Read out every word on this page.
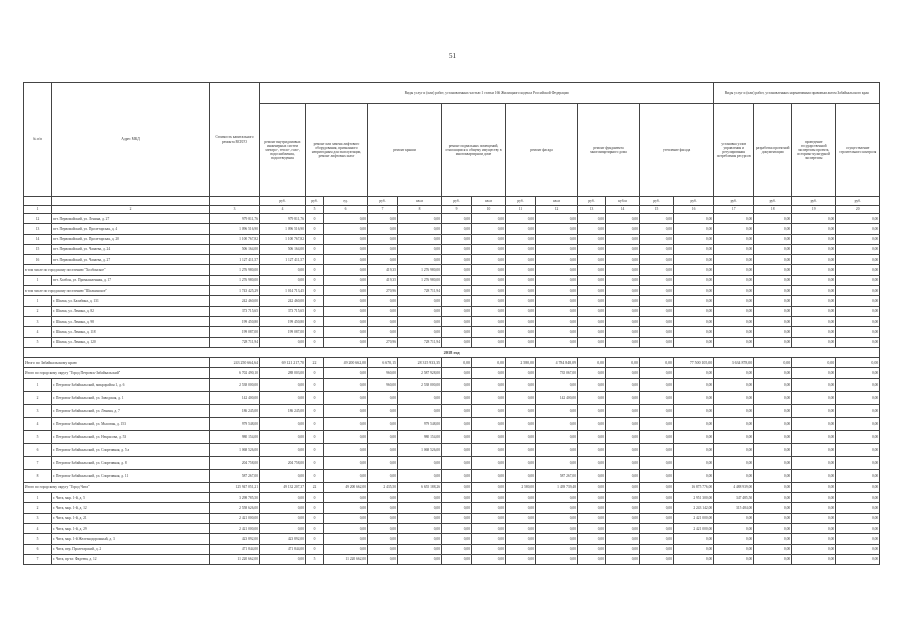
51
№ п/п	Адрес МКД	Стоимость капитального ремонта ВСЕГО	Виды услуг и (или) работ, установленных частью 1 статьи 166 Жилищного кодекса Российской Федерации													Виды услуг и (или) работ, установленных нормативным правовым актом Забайкальского края			
			ремонт внутридомовых инженерных систем электро-, тепло-, газо-, водоснабжения, водоотведения	ремонт или замена лифтового оборудования, признанного непригодным для эксплуатации, ремонт лифтовых шахт		ремонт крыши		ремонт подвальных помещений, относящихся к общему имуществу в многоквартирном доме		ремонт фасада		ремонт фундамента многоквартирного дома		утепление фасада		установка узлов управления и регулирования потребления ресурсов	разработка проектной документации	проведение государственной экспертизы проекта, историко-культурной экспертизы	осуществление строительного контроля
			руб.	руб.	ед.	руб.	кв.м	руб.	кв.м	руб.	кв.м	руб.	куб.м	руб.	руб.	руб.	руб.	руб.	руб.
1	2	3	4	5	6	7	8	9	10	11	12	13	14	15	16	17	18	19	20
12	пгт. Первомайский, ул. Ленина, д. 27	979 811,76	979 811,76	0	0,00	0,00	0,00	0,00	0,00	0,00	0,00	0,00	0,00	0,00	0,00	0,00	0,00	0,00	0,00
13	пгт. Первомайский, ул. Пролетарская, д. 4	1 096 516,90	1 096 516,90	0	0,00	0,00	0,00	0,00	0,00	0,00	0,00	0,00	0,00	0,00	0,00	0,00	0,00	0,00	0,00
14	пгт. Первомайский, ул. Пролетарская, д. 20	1 100 767,82	1 100 767,82	0	0,00	0,00	0,00	0,00	0,00	0,00	0,00	0,00	0,00	0,00	0,00	0,00	0,00	0,00	0,00
15	пгт. Первомайский, ул. Чапаева, д. 24	506 164,00	506 164,00	0	0,00	0,00	0,00	0,00	0,00	0,00	0,00	0,00	0,00	0,00	0,00	0,00	0,00	0,00	0,00
16	пгт. Первомайский, ул. Чапаева, д. 27	1 127 411,57	1 127 411,57	0	0,00	0,00	0,00	0,00	0,00	0,00	0,00	0,00	0,00	0,00	0,00	0,00	0,00	0,00	0,00
в том числе по городскому поселению "Холбонское"		1 276 980,00	0,00	0	0,00	419,35	1 276 980,00	0,00	0,00	0,00	0,00	0,00	0,00	0,00	0,00	0,00	0,00	0,00	0,00
1	пгт. Холбон, ул. Промышленная, д. 17	1 276 980,00	0,00	0	0,00	419,35	1 276 980,00	0,00	0,00	0,00	0,00	0,00	0,00	0,00	0,00	0,00	0,00	0,00	0,00
в том числе по городскому поселению "Шилкинское"		1 743 425,29	1 014 713,45	0	0,00	270,96	728 711,94	0,00	0,00	0,00	0,00	0,00	0,00	0,00	0,00	0,00	0,00	0,00	0,00
1	г. Шилка, ул. Балябина, д. 131	242 460,00	242 460,00	0	0,00	0,00	0,00	0,00	0,00	0,00	0,00	0,00	0,00	0,00	0,00	0,00	0,00	0,00	0,00
2	г. Шилка, ул. Ленина, д. 82	373 715,65	373 715,65	0	0,00	0,00	0,00	0,00	0,00	0,00	0,00	0,00	0,00	0,00	0,00	0,00	0,00	0,00	0,00
3	г. Шилка, ул. Ленина, д. 98	199 450,80	199 450,80	0	0,00	0,00	0,00	0,00	0,00	0,00	0,00	0,00	0,00	0,00	0,00	0,00	0,00	0,00	0,00
4	г. Шилка, ул. Ленина, д. 118	199 087,00	199 087,00	0	0,00	0,00	0,00	0,00	0,00	0,00	0,00	0,00	0,00	0,00	0,00	0,00	0,00	0,00	0,00
5	г. Шилка, ул. Ленина, д. 120	728 711,94	0,00	0	0,00	270,96	728 711,94	0,00	0,00	0,00	0,00	0,00	0,00	0,00	0,00	0,00	0,00	0,00	0,00
2018 год																			
Итого по Забайкальскому краю		243 250 664,64	69 121 217,70	22	49 200 662,00	6 670,15	28 315 933,35	0,00	0,00	2 580,00	4 784 848,09	0,00	0,00	0,00	77 500 105,00	3 634 878,00	0,00	0,00	0,00
Итого по городскому округу "Город Петровск-Забайкальский"		6 702 490,10	288 003,00	0	0,00	960,00	2 587 928,00	0,00	0,00	0,00	735 067,00	0,00	0,00	0,00	0,00	0,00	0,00	0,00	0,00
1	г. Петровск-Забайкальский, микрорайон 1, д. 6	2 538 000,00	0,00	0	0,00	960,00	2 538 000,00	0,00	0,00	0,00	0,00	0,00	0,00	0,00	0,00	0,00	0,00	0,00	0,00
2	г. Петровск-Забайкальский, ул. Заводская, д. 1	142 400,00	0,00	0	0,00	0,00	0,00	0,00	0,00	0,00	142 400,00	0,00	0,00	0,00	0,00	0,00	0,00	0,00	0,00
3	г. Петровск-Забайкальский, ул. Ленина, д. 7	186 245,00	186 245,00	0	0,00	0,00	0,00	0,00	0,00	0,00	0,00	0,00	0,00	0,00	0,00	0,00	0,00	0,00	0,00
4	г. Петровск-Забайкальский, ул. Мысовая, д. 153	979 548,00	0,00	0	0,00	0,00	979 548,00	0,00	0,00	0,00	0,00	0,00	0,00	0,00	0,00	0,00	0,00	0,00	0,00
5	г. Петровск-Забайкальский, ул. Некрасова, д. 53	980 154,00	0,00	0	0,00	0,00	980 154,00	0,00	0,00	0,00	0,00	0,00	0,00	0,00	0,00	0,00	0,00	0,00	0,00
6	г. Петровск-Забайкальский, ул. Спортивная, д. 5 а	1 068 526,00	0,00	0	0,00	0,00	1 068 526,00	0,00	0,00	0,00	0,00	0,00	0,00	0,00	0,00	0,00	0,00	0,00	0,00
7	г. Петровск-Забайкальский, ул. Спортивная, д. 8	204 758,00	204 758,00	0	0,00	0,00	0,00	0,00	0,00	0,00	0,00	0,00	0,00	0,00	0,00	0,00	0,00	0,00	0,00
8	г. Петровск-Забайкальский, ул. Спортивная, д. 11	587 267,00	0,00	0	0,00	0,00	0,00	0,00	0,00	0,00	587 267,00	0,00	0,00	0,00	0,00	0,00	0,00	0,00	0,00
Итого по городскому округу "Город Чита"		125 947 051,21	49 132 207,37	22	49 200 662,00	2 435,50	6 655 188,26	0,00	0,00	2 580,00	1 439 739,48	0,00	0,00	0,00	16 875 776,00	4 488 939,00	0,00	0,00	0,00
1	г. Чита, мкр. 1-й, д. 5	3 298 785,50	0,00	0	0,00	0,00	0,00	0,00	0,00	0,00	0,00	0,00	0,00	0,00	2 951 300,00	347 485,50	0,00	0,00	0,00
2	г. Чита, мкр. 1-й, д. 12	2 558 626,00	0,00	0	0,00	0,00	0,00	0,00	0,00	0,00	0,00	0,00	0,00	0,00	2 243 142,00	315 484,00	0,00	0,00	0,00
3	г. Чита, мкр. 1-й, д. 21	2 421 000,00	0,00	0	0,00	0,00	0,00	0,00	0,00	0,00	0,00	0,00	0,00	0,00	2 421 000,00	0,00	0,00	0,00	0,00
4	г. Чита, мкр. 1-й, д. 29	2 421 000,00	0,00	0	0,00	0,00	0,00	0,00	0,00	0,00	0,00	0,00	0,00	0,00	2 421 000,00	0,00	0,00	0,00	0,00
5	г. Чита, мкр. 1-й Железнодорожный, д. 3	423 892,00	423 892,00	0	0,00	0,00	0,00	0,00	0,00	0,00	0,00	0,00	0,00	0,00	0,00	0,00	0,00	0,00	0,00
6	г. Чита, пер. Пролетарский, д. 2	471 844,00	471 844,00	0	0,00	0,00	0,00	0,00	0,00	0,00	0,00	0,00	0,00	0,00	0,00	0,00	0,00	0,00	0,00
7	г. Чита, пр-кт. Фадеева, д. 12	11 220 662,00	0,00	5	11 220 662,00	0,00	0,00	0,00	0,00	0,00	0,00	0,00	0,00	0,00	0,00	0,00	0,00	0,00	0,00
